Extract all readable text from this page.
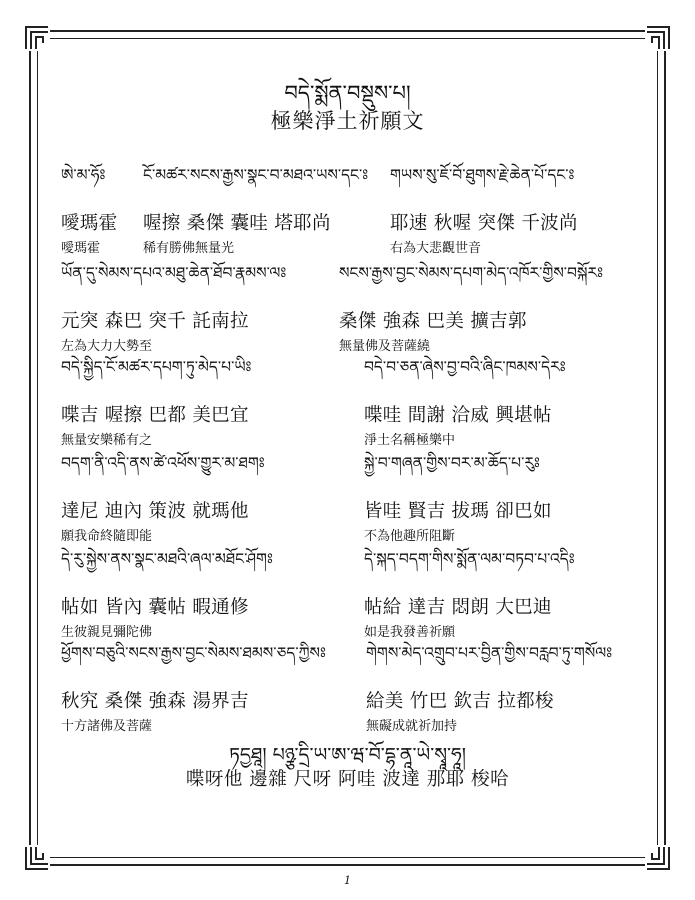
བདེ་སྨོན་བསྡུས་པ།
極樂淨土祈願文
ཨེ་མ་ཧོཿ
噯瑪霍
噯瑪霍
ངོ་མཚར་སངས་རྒྱས་སྣང་བ་མཐའ་ཡས་དང༌ཿ
喔擦 桑傑 囊哇 塔耶尚
稀有勝佛無量光
གཡས་སུ་ཇོ་བོ་ཐུགས་རྗེ་ཆེན་པོ་དང༌ཿ
耶速 秋喔 突傑 千波尚
右為大悲觀世音
ཡོན་དུ་སེམས་དཔའ་མཐུ་ཆེན་ཐོབ་རྣམས་ལཿ
元突 森巴 突千 託南拉
左為大力大勢至
སངས་རྒྱས་བྱང་སེམས་དཔག་མེད་འཁོར་གྱིས་བསྐོརཿ
桑傑 強森 巴美 擴吉郭
無量佛及菩薩繞
བདེ་སྐྱིད་ངོ་མཚར་དཔག་ཏུ་མེད་པ་ཡིཿ
喋吉 喔擦 巴都 美巴宜
無量安樂稀有之
བདེ་བ་ཅན་ཞེས་བྱ་བའི་ཞིང་ཁམས་དེརཿ
喋哇 間謝 洽威 興堪帖
淨土名稱極樂中
བདག་ནི་འདི་ནས་ཚེ་འཕོས་གྱུར་མ་ཐགཿ
達尼 迪內 策波 就瑪他
願我命終隨即能
སྐྱེ་བ་གཞན་གྱིས་བར་མ་ཆོད་པ་རུཿ
皆哇 賢吉 拔瑪 卻巴如
不為他趣所阻斷
དེ་རུ་སྐྱེས་ནས་སྣང་མཐའི་ཞལ་མཐོང་ཤོགཿ
帖如 皆內 囊帖 暇通修
生彼親見彌陀佛
དེ་སྐད་བདག་གིས་སྨོན་ལམ་བཏབ་པ་འདིཿ
帖給 達吉 悶朗 大巴迪
如是我發善祈願
ཕྱོགས་བཅུའི་སངས་རྒྱས་བྱང་སེམས་ཐམས་ཅད་ཀྱིསཿ
秋究 桑傑 強森 湯界吉
十方諸佛及菩薩
གེགས་མེད་འགྲུབ་པར་བྱིན་གྱིས་བརླབ་ཏུ་གསོལཿ
給美 竹巴 欽吉 拉都梭
無礙成就祈加持
ཏདྱཐཱ། པཉྩ་དྲི་ཡ་ཨ་ཝ་བོ་དྷ་ནཱ་ཡེ་སྭཱ་ཧཱ།
喋呀他 邊雜 尺呀 阿哇 波達 那耶 梭哈
1
